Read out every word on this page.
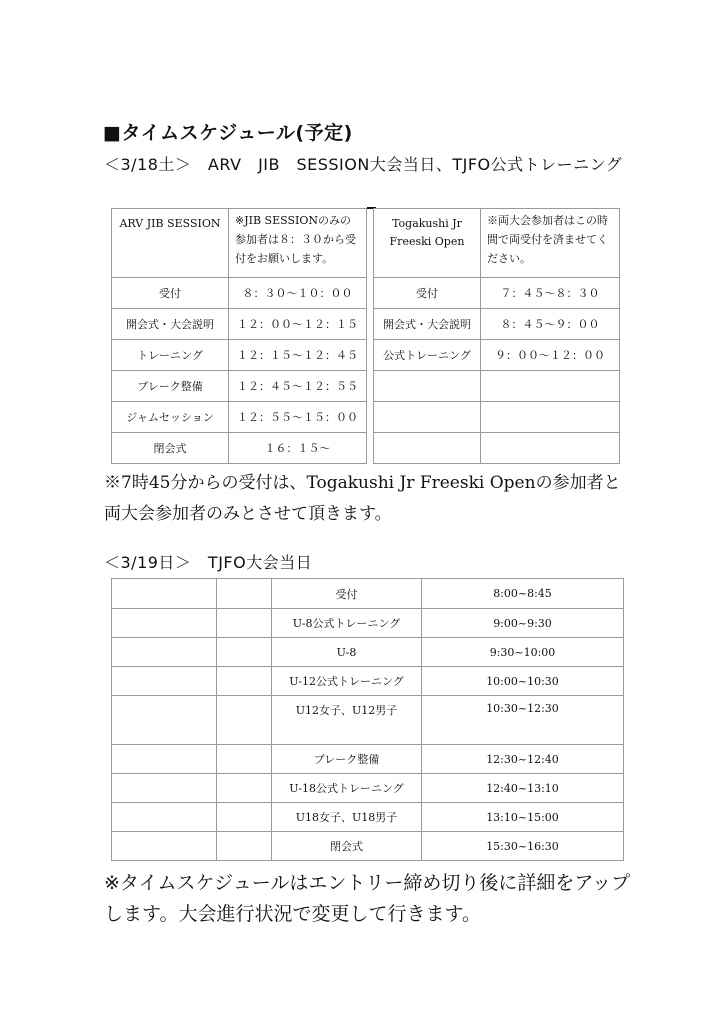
■タイムスケジュール(予定)
＜3/18土＞　ARV　JIB　SESSION大会当日、TJFO公式トレーニング
ARV JIB SESSION	※JIB SESSIONのみの参加者は８：３０から受付をお願いします。
受付	８：３０〜１０：００
開会式・大会説明	１２：００〜１２：１５
トレーニング	１２：１５〜１２：４５
ブレーク整備	１２：４５〜１２：５５
ジャムセッション	１２：５５〜１５：００
閉会式	１６：１５〜
Togakushi Jr Freeski Open	※両大会参加者はこの時間で両受付を済ませてください。
受付	７：４５〜８：３０
開会式・大会説明	８：４５〜９：００
公式トレーニング	９：００〜１２：００

※7時45分からの受付は、Togakushi Jr Freeski Openの参加者と両大会参加者のみとさせて頂きます。
＜3/19日＞　TJFO大会当日
		受付	8:00~8:45
		U-8公式トレーニング	9:00~9:30
		U-8	9:30~10:00
		U-12公式トレーニング	10:00~10:30
		U12女子、U12男子	10:30~12:30
		ブレーク整備	12:30~12:40
		U-18公式トレーニング	12:40~13:10
		U18女子、U18男子	13:10~15:00
		閉会式	15:30~16:30
※タイムスケジュールはエントリー締め切り後に詳細をアップします。大会進行状況で変更して行きます。
